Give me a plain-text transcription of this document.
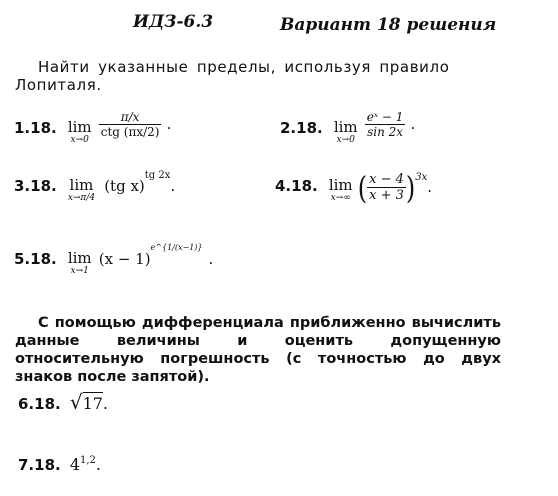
ИДЗ-6.3	Вариант 18 решения
Найти указанные пределы, используя правило Лопиталя.
1.18. lim
x→0

$\frac{\pi/x}{\text{ctg (πx/2)}}$ .	2.18. lim
x→0

$\frac{\text{eˣ − 1}}{\sin 2x}$ .
3.18. lim
x→π/4
(tg x)$^{tg 2x}$.	4.18. lim
x→∞ ( $\frac{x - 4}{x + 3} )^{3x}$.
5.18. lim
x→1
$(x - 1)^{e\^{}\{1/(x-1)\}}$.
С помощью дифференциала приближенно вычислить данные величины и оценить допущенную относительную погрешность (с точностью до двух знаков после запятой).
6.18. √17.
7.18. 4$^{1,2}$.
